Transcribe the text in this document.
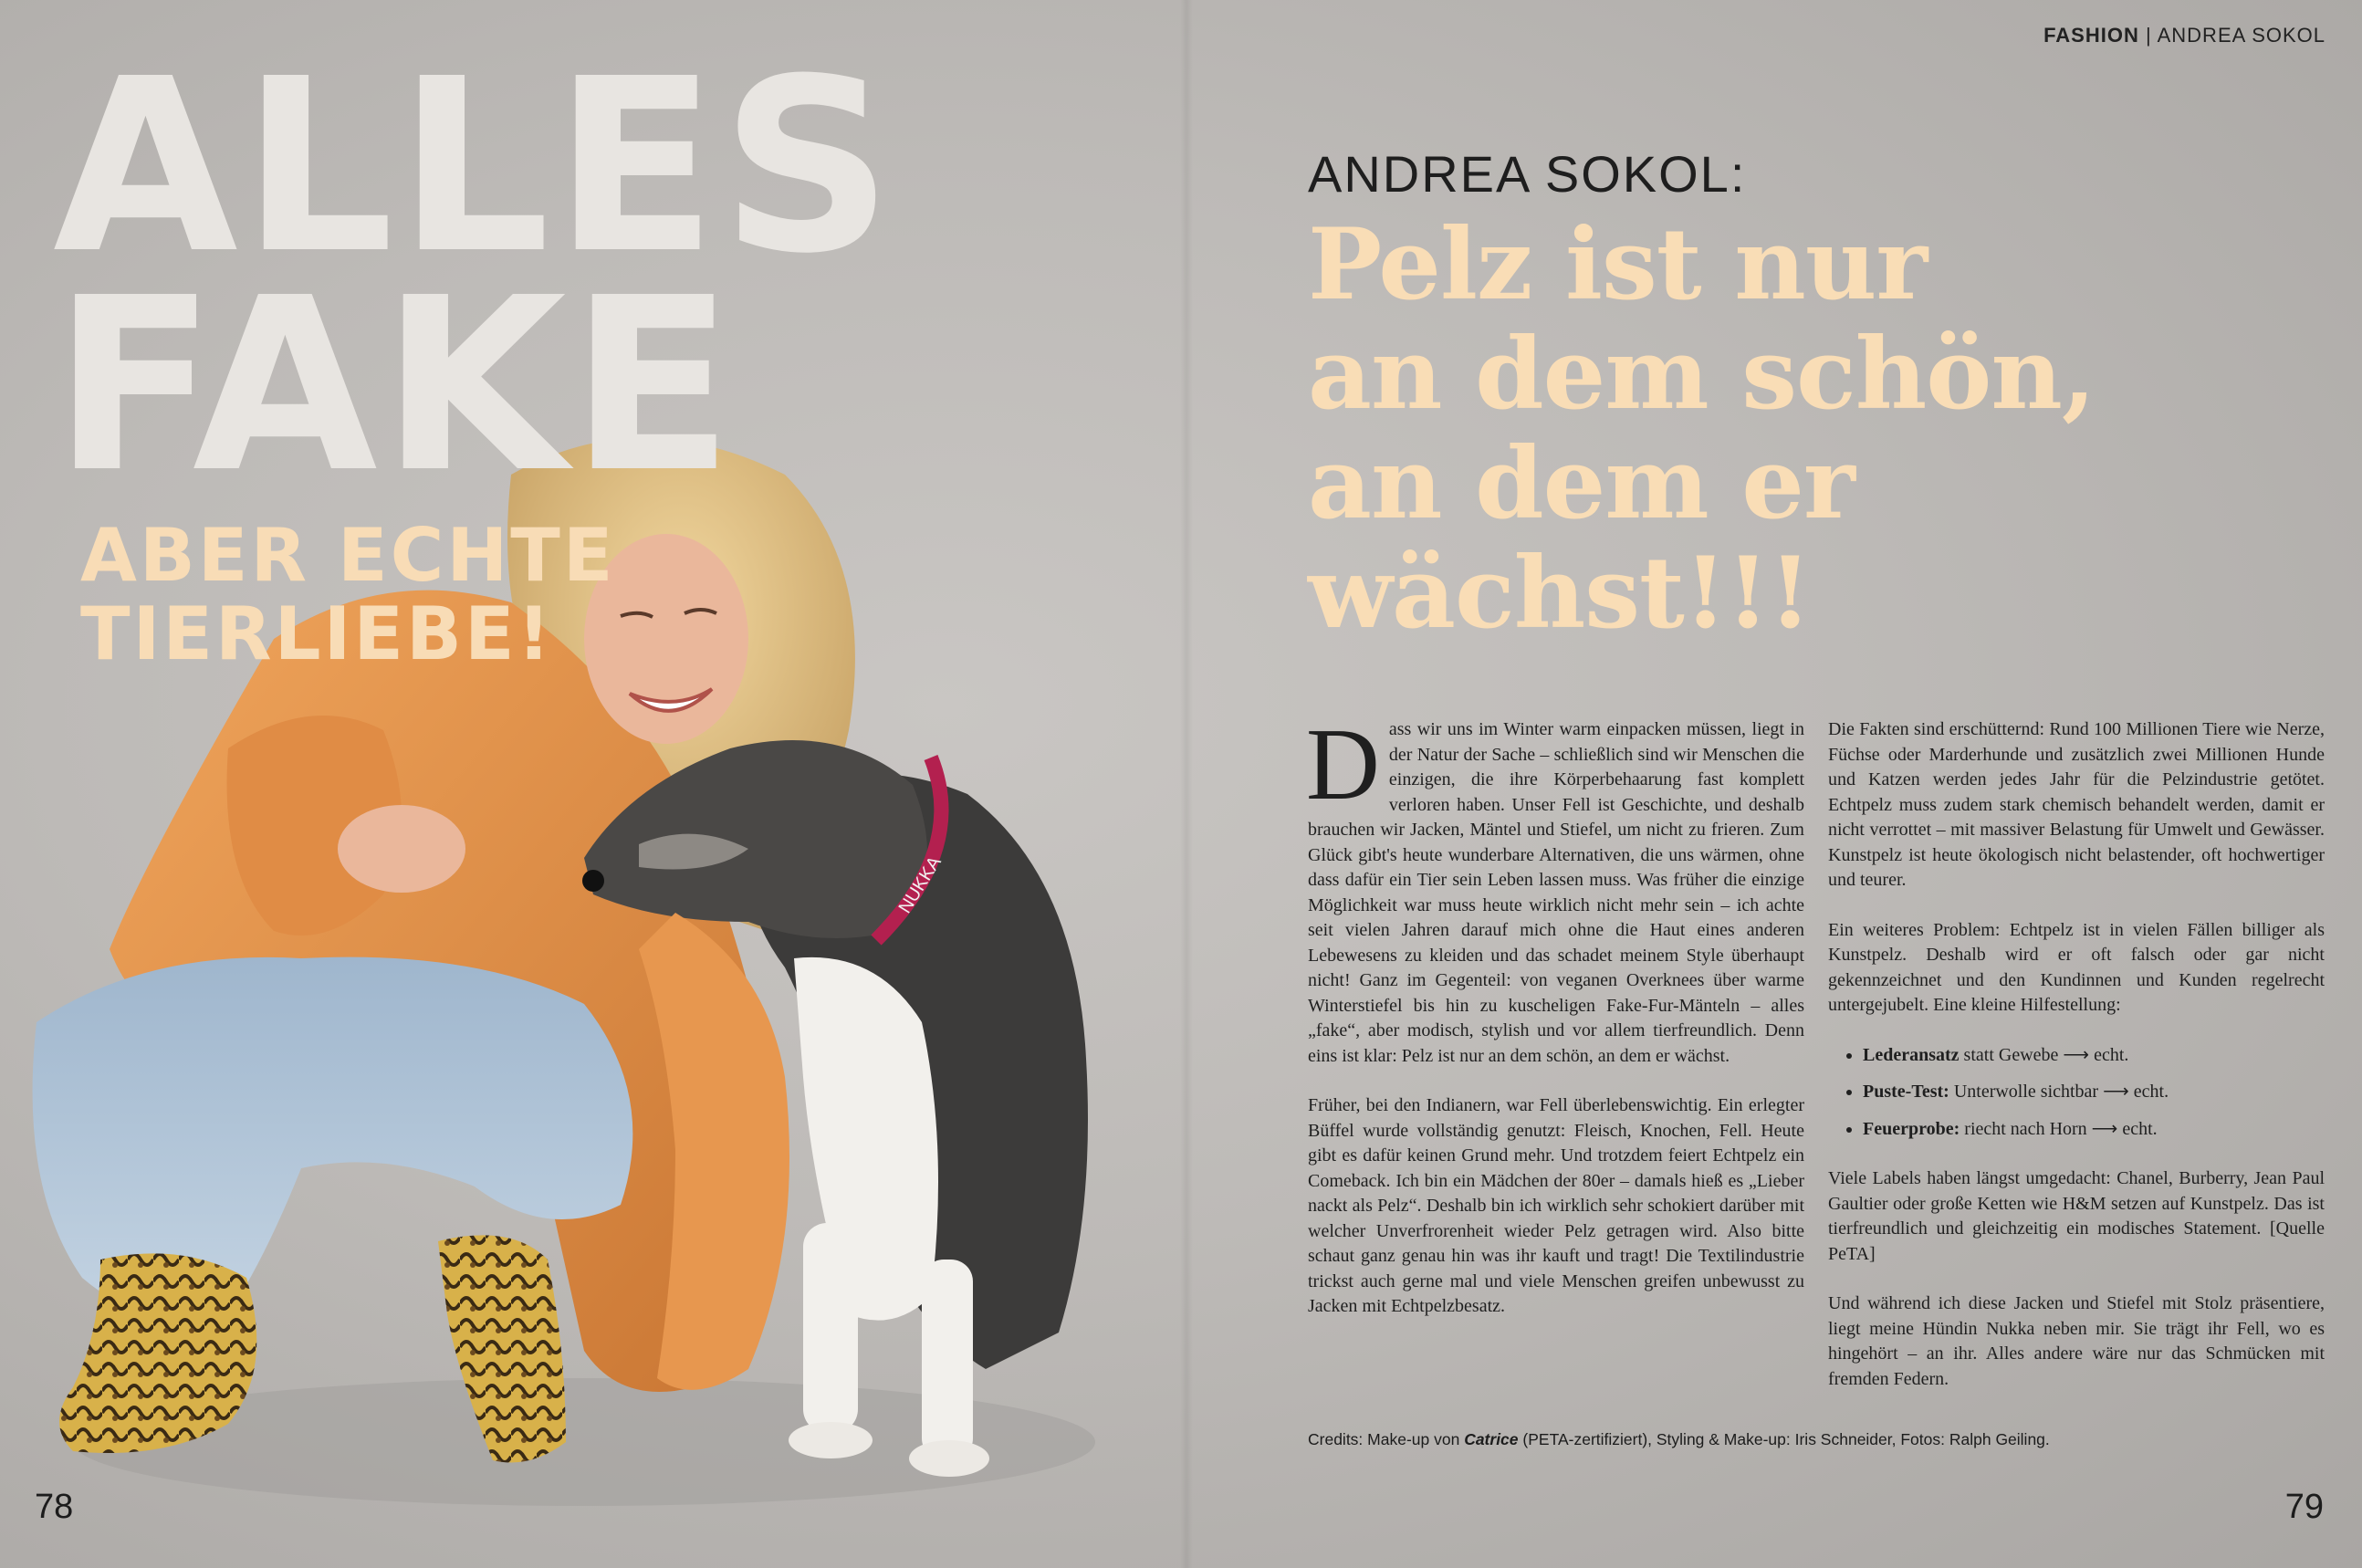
NUKKA
ALLES
FAKE
ABER ECHTE
TIERLIEBE!
FASHION | ANDREA SOKOL
ANDREA SOKOL:
Pelz ist nur
an dem schön,
an dem er
wächst!!!

Dass wir uns im Winter warm einpacken müssen, liegt in der Natur der Sache – schließlich sind wir Menschen die einzigen, die ihre Körperbehaarung fast komplett verloren haben. Unser Fell ist Geschichte, und deshalb brauchen wir Jacken, Mäntel und Stiefel, um nicht zu frieren. Zum Glück gibt's heute wunderbare Alternativen, die uns wärmen, ohne dass dafür ein Tier sein Leben lassen muss. Was früher die einzige Möglichkeit war muss heute wirklich nicht mehr sein – ich achte seit vielen Jahren darauf mich ohne die Haut eines anderen Lebewesens zu kleiden und das schadet meinem Style überhaupt nicht! Ganz im Gegenteil: von veganen Overknees über warme Winterstiefel bis hin zu kuscheligen Fake-Fur-Mänteln – alles „fake“, aber modisch, stylish und vor allem tierfreundlich. Denn eins ist klar: Pelz ist nur an dem schön, an dem er wächst.

Früher, bei den Indianern, war Fell überlebenswichtig. Ein erlegter Büffel wurde vollständig genutzt: Fleisch, Knochen, Fell. Heute gibt es dafür keinen Grund mehr. Und trotzdem feiert Echtpelz ein Comeback. Ich bin ein Mädchen der 80er – damals hieß es „Lieber nackt als Pelz“. Deshalb bin ich wirklich sehr schokiert darüber mit welcher Unverfrorenheit wieder Pelz getragen wird. Also bitte schaut ganz genau hin was ihr kauft und tragt! Die Textilindustrie trickst auch gerne mal und viele Menschen greifen unbewusst zu Jacken mit Echtpelzbesatz.

Die Fakten sind erschütternd: Rund 100 Millionen Tiere wie Nerze, Füchse oder Marderhunde und zusätzlich zwei Millionen Hunde und Katzen werden jedes Jahr für die Pelzindustrie getötet. Echtpelz muss zudem stark chemisch behandelt werden, damit er nicht verrottet – mit massiver Belastung für Umwelt und Gewässer. Kunstpelz ist heute ökologisch nicht belastender, oft hochwertiger und teurer.

Ein weiteres Problem: Echtpelz ist in vielen Fällen billiger als Kunstpelz. Deshalb wird er oft falsch oder gar nicht gekennzeichnet und den Kundinnen und Kunden regelrecht untergejubelt. Eine kleine Hilfestellung:

• Lederansatz statt Gewebe ⟶ echt.
• Puste-Test: Unterwolle sichtbar ⟶ echt.
• Feuerprobe: riecht nach Horn ⟶ echt.

Viele Labels haben längst umgedacht: Chanel, Burberry, Jean Paul Gaultier oder große Ketten wie H&M setzen auf Kunstpelz. Das ist tierfreundlich und gleichzeitig ein modisches Statement. [Quelle PeTA]

Und während ich diese Jacken und Stiefel mit Stolz präsentiere, liegt meine Hündin Nukka neben mir. Sie trägt ihr Fell, wo es hingehört – an ihr. Alles andere wäre nur das Schmücken mit fremden Federn.

Credits: Make-up von Catrice (PETA-zertifiziert), Styling & Make-up: Iris Schneider, Fotos: Ralph Geiling.
78	79
